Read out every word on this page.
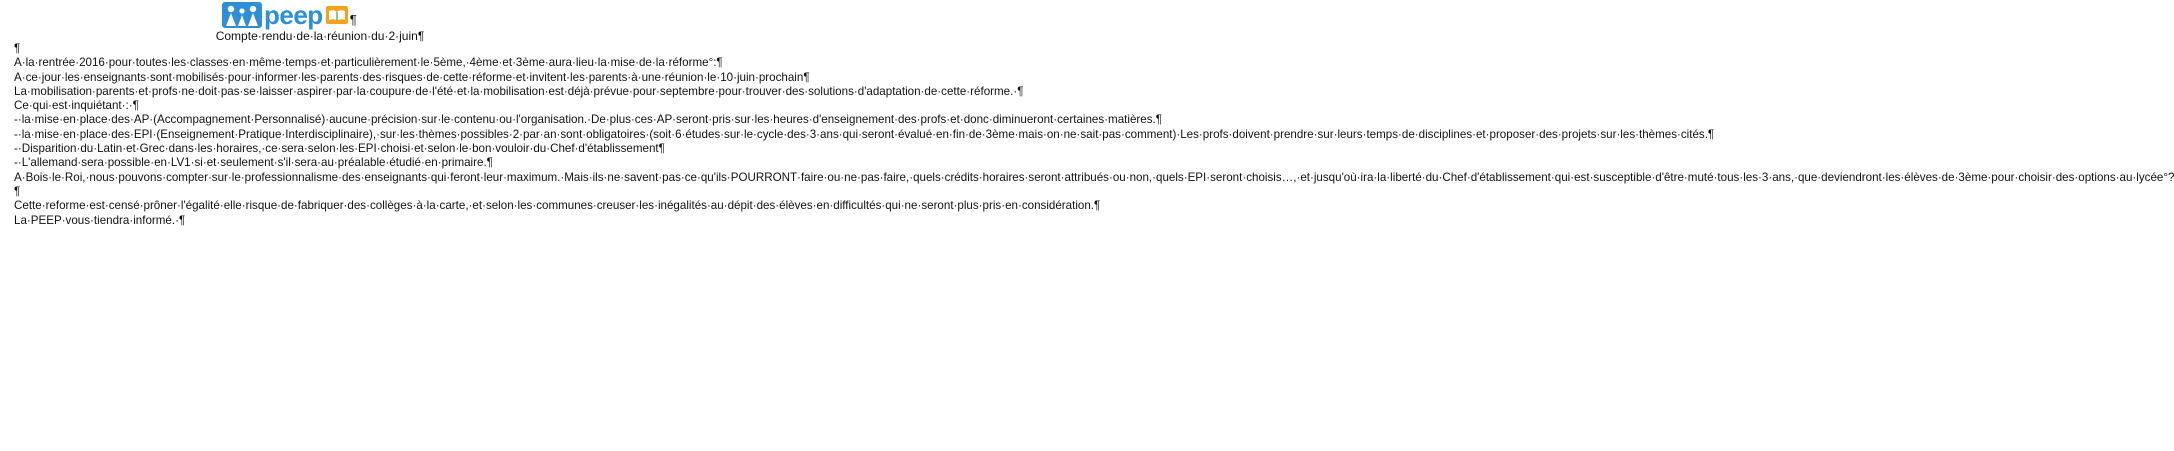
peep ¶
Compte·rendu·de·la·réunion·du·2·juin¶

¶

A·la·rentrée·2016·pour·toutes·les·classes·en·même·temps·et·particulièrement·le·5ème,·4ème·et·3ème·aura·lieu·la·mise·de·la·réforme°:¶

A·ce·jour·les·enseignants·sont·mobilisés·pour·informer·les·parents·des·risques·de·cette·réforme·et·invitent·les·parents·à·une·réunion·le·10·juin·prochain¶

La·mobilisation·parents·et·profs·ne·doit·pas·se·laisser·aspirer·par·la·coupure·de·l'été·et·la·mobilisation·est·déjà·prévue·pour·septembre·pour·trouver·des·solutions·d'adaptation·de·cette·réforme.·¶

Ce·qui·est·inquiétant·:·¶

-·la·mise·en·place·des·AP·(Accompagnement·Personnalisé)·aucune·précision·sur·le·contenu·ou·l'organisation.·De·plus·ces·AP·seront·pris·sur·les·heures·d'enseignement·des·profs·et·donc·diminueront·certaines·matières.¶

-·la·mise·en·place·des·EPI·(Enseignement·Pratique·Interdisciplinaire),·sur·les·thèmes·possibles·2·par·an·sont·obligatoires·(soit·6·études·sur·le·cycle·des·3·ans·qui·seront·évalué·en·fin·de·3ème·mais·on·ne·sait·pas·comment)·Les·profs·doivent·prendre·sur·leurs·temps·de·disciplines·et·proposer·des·projets·sur·les·thèmes·cités.¶

-·Disparition·du·Latin·et·Grec·dans·les·horaires,·ce·sera·selon·les·EPI·choisi·et·selon·le·bon·vouloir·du·Chef·d'établissement¶

-·L'allemand·sera·possible·en·LV1·si·et·seulement·s'il·sera·au·préalable·étudié·en·primaire.¶

A·Bois·le·Roi,·nous·pouvons·compter·sur·le·professionnalisme·des·enseignants·qui·feront·leur·maximum.·Mais·ils·ne·savent·pas·ce·qu'ils·POURRONT·faire·ou·ne·pas·faire,·quels·crédits·horaires·seront·attribués·ou·non,·quels·EPI·seront·choisis…,·et·jusqu'où·ira·la·liberté·du·Chef·d'établissement·qui·est·susceptible·d'être·muté·tous·les·3·ans,·que·deviendront·les·élèves·de·3ème·pour·choisir·des·options·au·lycée°?¶

Cette·reforme·est·censé·prôner·l'égalité·elle·risque·de·fabriquer·des·collèges·à·la·carte,·et·selon·les·communes·creuser·les·inégalités·au·dépit·des·élèves·en·difficultés·qui·ne·seront·plus·pris·en·considération.¶

La·PEEP·vous·tiendra·informé.·¶
